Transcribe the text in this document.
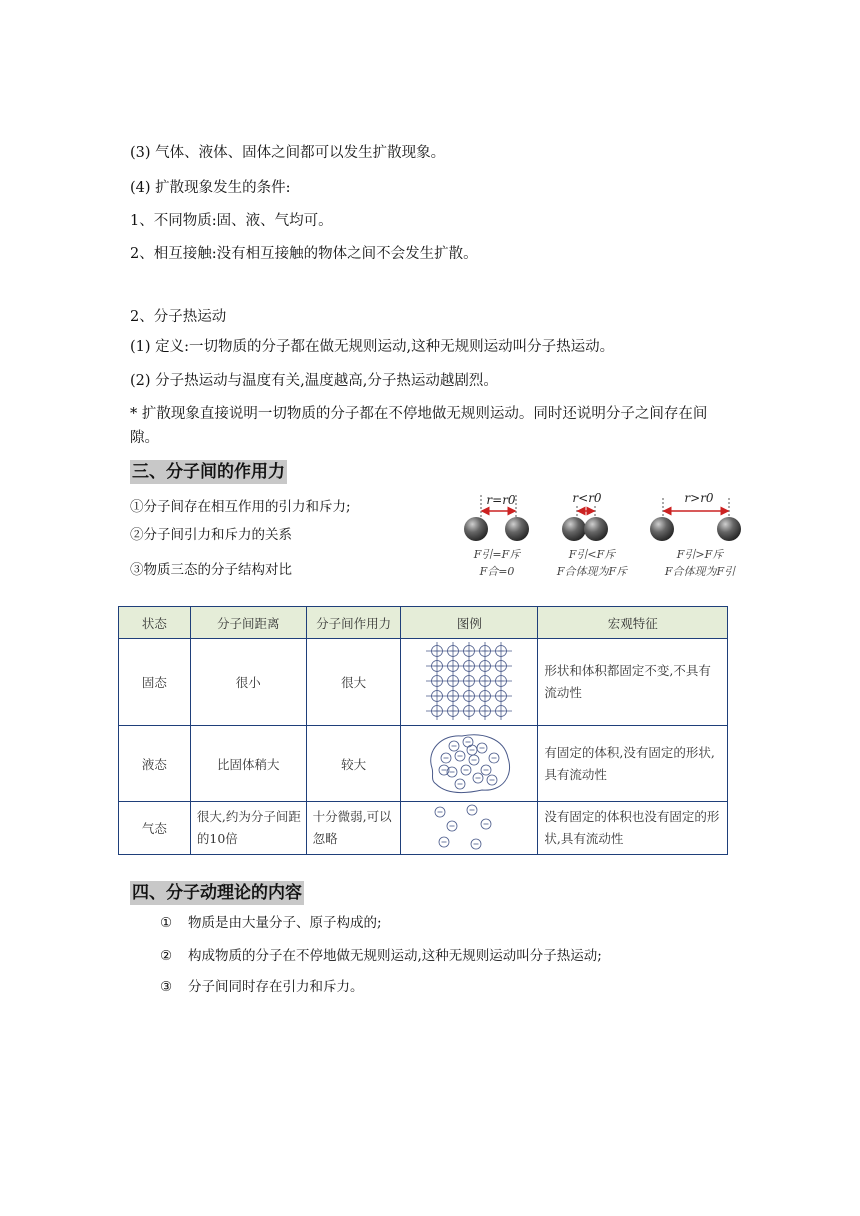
(3) 气体、液体、固体之间都可以发生扩散现象。
(4) 扩散现象发生的条件:
1、不同物质:固、液、气均可。
2、相互接触:没有相互接触的物体之间不会发生扩散。
2、分子热运动
(1) 定义:一切物质的分子都在做无规则运动,这种无规则运动叫分子热运动。
(2) 分子热运动与温度有关,温度越高,分子热运动越剧烈。
* 扩散现象直接说明一切物质的分子都在不停地做无规则运动。同时还说明分子之间存在间隙。
三、分子间的作用力
①分子间存在相互作用的引力和斥力;
②分子间引力和斥力的关系
③物质三态的分子结构对比
r=r0
F引=F斥
F合=0
r<r0
F引<F斥
F合体现为F斥
r>r0
F引>F斥
F合体现为F引
状态	分子间距离	分子间作用力	图例	宏观特征
固态	很小	很大		形状和体积都固定不变,不具有流动性
液态	比固体稍大	较大		有固定的体积,没有固定的形状,具有流动性
气态	很大,约为分子间距的10倍	十分微弱,可以忽略		没有固定的体积也没有固定的形状,具有流动性
四、分子动理论的内容
① 物质是由大量分子、原子构成的;
② 构成物质的分子在不停地做无规则运动,这种无规则运动叫分子热运动;
③ 分子间同时存在引力和斥力。
